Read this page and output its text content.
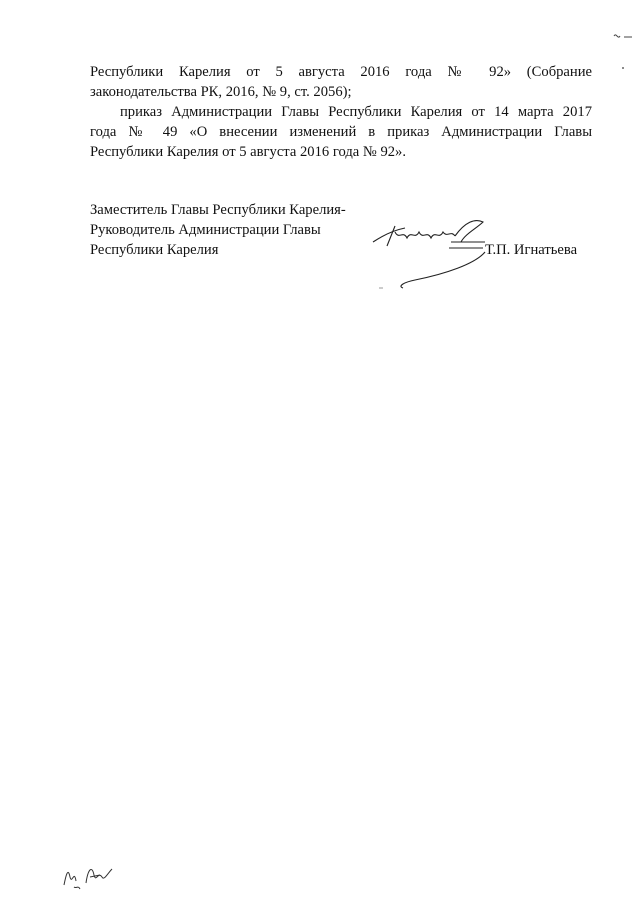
Республики Карелия от 5 августа 2016 года № 92» (Собрание
законодательства РК, 2016, № 9, ст. 2056);

приказ Администрации Главы Республики Карелия от 14 марта 2017
года № 49 «О внесении изменений в приказ Администрации Главы
Республики Карелия от 5 августа 2016 года № 92».

Заместитель Главы Республики Карелия-
Руководитель Администрации Главы
Республики Карелия	Т.П. Игнатьева
